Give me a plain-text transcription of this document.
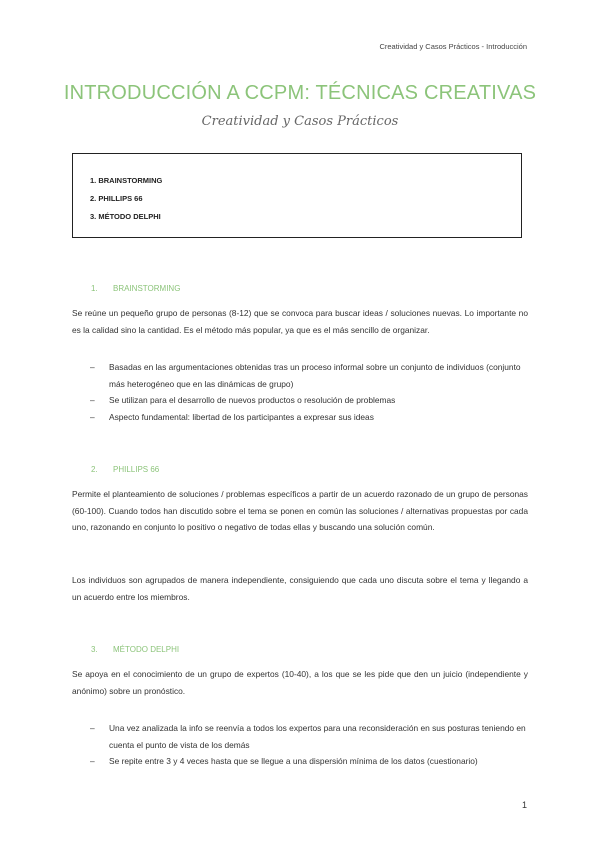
Creatividad y Casos Prácticos - Introducción
INTRODUCCIÓN A CCPM: TÉCNICAS CREATIVAS
Creatividad y Casos Prácticos
1. BRAINSTORMING
2. PHILLIPS 66
3. MÉTODO DELPHI
1. BRAINSTORMING
Se reúne un pequeño grupo de personas (8-12) que se convoca para buscar ideas / soluciones nuevas. Lo importante no es la calidad sino la cantidad. Es el método más popular, ya que es el más sencillo de organizar.
– Basadas en las argumentaciones obtenidas tras un proceso informal sobre un conjunto de individuos (conjunto más heterogéneo que en las dinámicas de grupo)
– Se utilizan para el desarrollo de nuevos productos o resolución de problemas
– Aspecto fundamental: libertad de los participantes a expresar sus ideas
2. PHILLIPS 66
Permite el planteamiento de soluciones / problemas específicos a partir de un acuerdo razonado de un grupo de personas (60-100). Cuando todos han discutido sobre el tema se ponen en común las soluciones / alternativas propuestas por cada uno, razonando en conjunto lo positivo o negativo de todas ellas y buscando una solución común.
Los individuos son agrupados de manera independiente, consiguiendo que cada uno discuta sobre el tema y llegando a un acuerdo entre los miembros.
3. MÉTODO DELPHI
Se apoya en el conocimiento de un grupo de expertos (10-40), a los que se les pide que den un juicio (independiente y anónimo) sobre un pronóstico.
– Una vez analizada la info se reenvía a todos los expertos para una reconsideración en sus posturas teniendo en cuenta el punto de vista de los demás
– Se repite entre 3 y 4 veces hasta que se llegue a una dispersión mínima de los datos (cuestionario)
1
